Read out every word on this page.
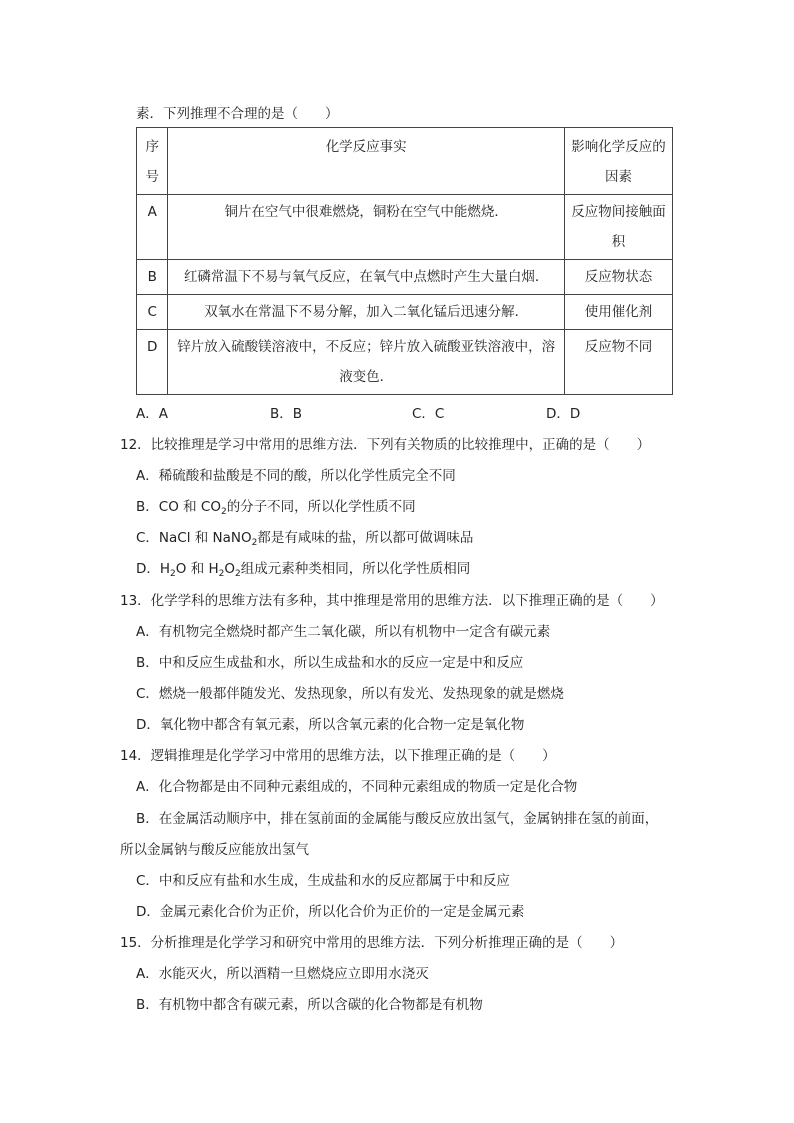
素．下列推理不合理的是（　　）
序号	化学反应事实	影响化学反应的因素
A	铜片在空气中很难燃烧，铜粉在空气中能燃烧．	反应物间接触面积
B	红磷常温下不易与氧气反应，在氧气中点燃时产生大量白烟．	反应物状态
C	双氧水在常温下不易分解，加入二氧化锰后迅速分解．	使用催化剂
D	锌片放入硫酸镁溶液中，不反应；锌片放入硫酸亚铁溶液中，溶液变色．	反应物不同
A．A	B．B	C．C	D．D
12．比较推理是学习中常用的思维方法．下列有关物质的比较推理中，正确的是（　　）
A．稀硫酸和盐酸是不同的酸，所以化学性质完全不同
B．CO 和 $CO_2$的分子不同，所以化学性质不同
C．NaCl 和 NaNO$_2$都是有咸味的盐，所以都可做调味品
D．$H_2O$ 和 $H_2O_2$组成元素种类相同，所以化学性质相同
13．化学学科的思维方法有多种，其中推理是常用的思维方法．以下推理正确的是（　　）
A．有机物完全燃烧时都产生二氧化碳，所以有机物中一定含有碳元素
B．中和反应生成盐和水，所以生成盐和水的反应一定是中和反应
C．燃烧一般都伴随发光、发热现象，所以有发光、发热现象的就是燃烧
D．氧化物中都含有氧元素，所以含氧元素的化合物一定是氧化物
14．逻辑推理是化学学习中常用的思维方法，以下推理正确的是（　　）
A．化合物都是由不同种元素组成的，不同种元素组成的物质一定是化合物
B．在金属活动顺序中，排在氢前面的金属能与酸反应放出氢气，金属钠排在氢的前面，
所以金属钠与酸反应能放出氢气
C．中和反应有盐和水生成，生成盐和水的反应都属于中和反应
D．金属元素化合价为正价，所以化合价为正价的一定是金属元素
15．分析推理是化学学习和研究中常用的思维方法．下列分析推理正确的是（　　）
A．水能灭火，所以酒精一旦燃烧应立即用水浇灭
B．有机物中都含有碳元素，所以含碳的化合物都是有机物
